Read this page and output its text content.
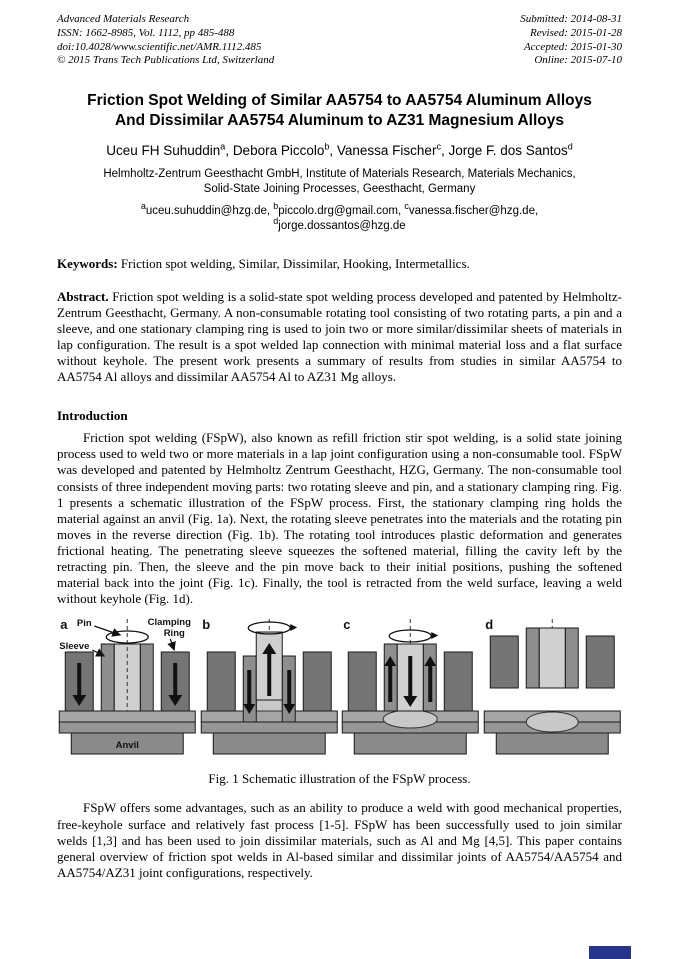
Advanced Materials Research
ISSN: 1662-8985, Vol. 1112, pp 485-488
doi:10.4028/www.scientific.net/AMR.1112.485
© 2015 Trans Tech Publications Ltd, Switzerland
Submitted: 2014-08-31
Revised: 2015-01-28
Accepted: 2015-01-30
Online: 2015-07-10
Friction Spot Welding of Similar AA5754 to AA5754 Aluminum Alloys
And Dissimilar AA5754 Aluminum to AZ31 Magnesium Alloys
Uceu FH Suhuddin$^a$, Debora Piccolo$^b$, Vanessa Fischer$^c$, Jorge F. dos Santos$^d$
Helmholtz-Zentrum Geesthacht GmbH, Institute of Materials Research, Materials Mechanics,
Solid-State Joining Processes, Geesthacht, Germany
$^a$uceu.suhuddin@hzg.de, $^b$piccolo.drg@gmail.com, $^c$vanessa.fischer@hzg.de,
$^d$jorge.dossantos@hzg.de
Keywords: Friction spot welding, Similar, Dissimilar, Hooking, Intermetallics.
Abstract. Friction spot welding is a solid-state spot welding process developed and patented by Helmholtz-Zentrum Geesthacht, Germany. A non-consumable rotating tool consisting of two rotating parts, a pin and a sleeve, and one stationary clamping ring is used to join two or more similar/dissimilar sheets of materials in lap configuration. The result is a spot welded lap connection with minimal material loss and a flat surface without keyhole. The present work presents a summary of results from studies in similar AA5754 to AA5754 Al alloys and dissimilar AA5754 Al to AZ31 Mg alloys.
Introduction
Friction spot welding (FSpW), also known as refill friction stir spot welding, is a solid state joining process used to weld two or more materials in a lap joint configuration using a non-consumable tool. FSpW was developed and patented by Helmholtz Zentrum Geesthacht, HZG, Germany. The non-consumable tool consists of three independent moving parts: two rotating sleeve and pin, and a stationary clamping ring. Fig. 1 presents a schematic illustration of the FSpW process. First, the stationary clamping ring holds the material against an anvil (Fig. 1a). Next, the rotating sleeve penetrates into the materials and the rotating pin moves in the reverse direction (Fig. 1b). The rotating tool introduces plastic deformation and generates frictional heating. The penetrating sleeve squeezes the softened material, filling the cavity left by the retracting pin. Then, the sleeve and the pin move back to their initial positions, pushing the softened material back into the joint (Fig. 1c). Finally, the tool is retracted from the weld surface, leaving a weld without keyhole (Fig. 1d).
a Pin	Clamping
Ring
Sleeve
Anvil
b	c	d
Fig. 1 Schematic illustration of the FSpW process.
FSpW offers some advantages, such as an ability to produce a weld with good mechanical properties, free-keyhole surface and relatively fast process [1-5]. FSpW has been successfully used to join similar welds [1,3] and has been used to join dissimilar materials, such as Al and Mg [4,5]. This paper contains general overview of friction spot welds in Al-based similar and dissimilar joints of AA5754/AA5754 and AA5754/AZ31 joint configurations, respectively.
